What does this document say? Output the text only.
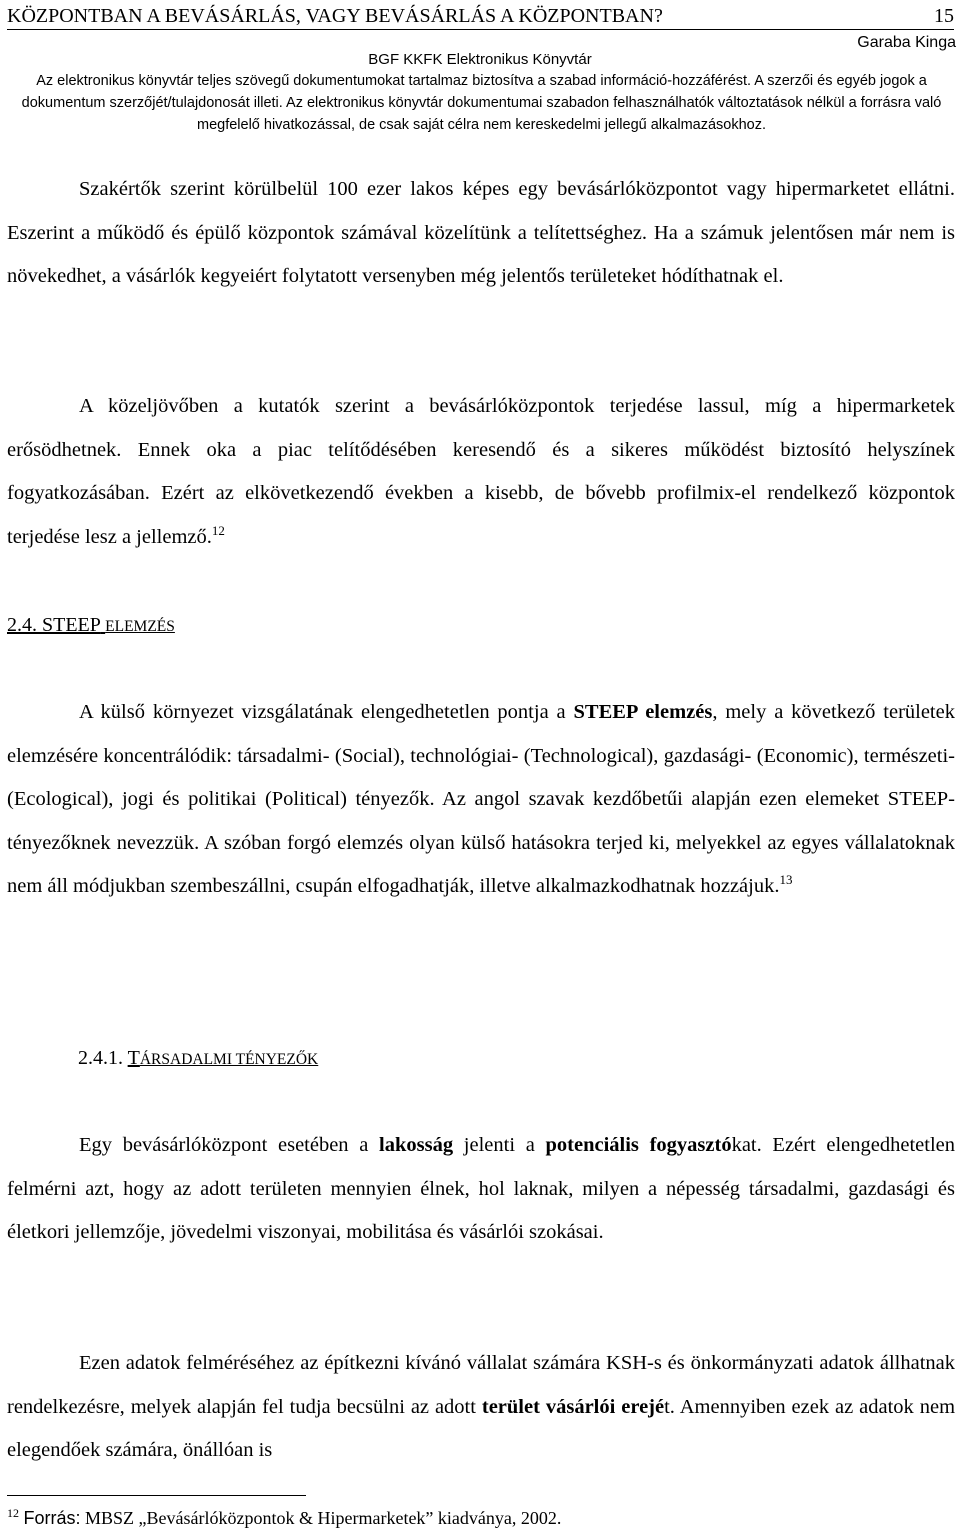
KÖZPONTBAN A BEVÁSÁRLÁS, VAGY BEVÁSÁRLÁS A KÖZPONTBAN?	15
Garaba Kinga
BGF KKFK Elektronikus Könyvtár
Az elektronikus könyvtár teljes szövegű dokumentumokat tartalmaz biztosítva a szabad információ-hozzáférést. A szerzői és egyéb jogok a dokumentum szerzőjét/tulajdonosát illeti. Az elektronikus könyvtár dokumentumai szabadon felhasználhatók változtatások nélkül a forrásra való megfelelő hivatkozással, de csak saját célra nem kereskedelmi jellegű alkalmazásokhoz.

Szakértők szerint körülbelül 100 ezer lakos képes egy bevásárlóközpontot vagy hipermarketet ellátni. Eszerint a működő és épülő központok számával közelítünk a telítettséghez. Ha a számuk jelentősen már nem is növekedhet, a vásárlók kegyeiért folytatott versenyben még jelentős területeket hódíthatnak el.

A közeljövőben a kutatók szerint a bevásárlóközpontok terjedése lassul, míg a hipermarketek erősödhetnek. Ennek oka a piac telítődésében keresendő és a sikeres működést biztosító helyszínek fogyatkozásában. Ezért az elkövetkezendő években a kisebb, de bővebb profilmix-el rendelkező központok terjedése lesz a jellemző.$^{12}$

2.4. STEEP ELEMZÉS

A külső környezet vizsgálatának elengedhetetlen pontja a STEEP elemzés, mely a következő területek elemzésére koncentrálódik: társadalmi- (Social), technológiai- (Technological), gazdasági- (Economic), természeti- (Ecological), jogi és politikai (Political) tényezők. Az angol szavak kezdőbetűi alapján ezen elemeket STEEP-tényezőknek nevezzük. A szóban forgó elemzés olyan külső hatásokra terjed ki, melyekkel az egyes vállalatoknak nem áll módjukban szembeszállni, csupán elfogadhatják, illetve alkalmazkodhatnak hozzájuk.$^{13}$

2.4.1. TÁRSADALMI TÉNYEZŐK

Egy bevásárlóközpont esetében a lakosság jelenti a potenciális fogyasztókat. Ezért elengedhetetlen felmérni azt, hogy az adott területen mennyien élnek, hol laknak, milyen a népesség társadalmi, gazdasági és életkori jellemzője, jövedelmi viszonyai, mobilitása és vásárlói szokásai.

Ezen adatok felméréséhez az építkezni kívánó vállalat számára KSH-s és önkormányzati adatok állhatnak rendelkezésre, melyek alapján fel tudja becsülni az adott terület vásárlói erejét. Amennyiben ezek az adatok nem elegendőek számára, önállóan is

$^{12}$ Forrás: MBSZ „Bevásárlóközpontok & Hipermarketek” kiadványa, 2002.
